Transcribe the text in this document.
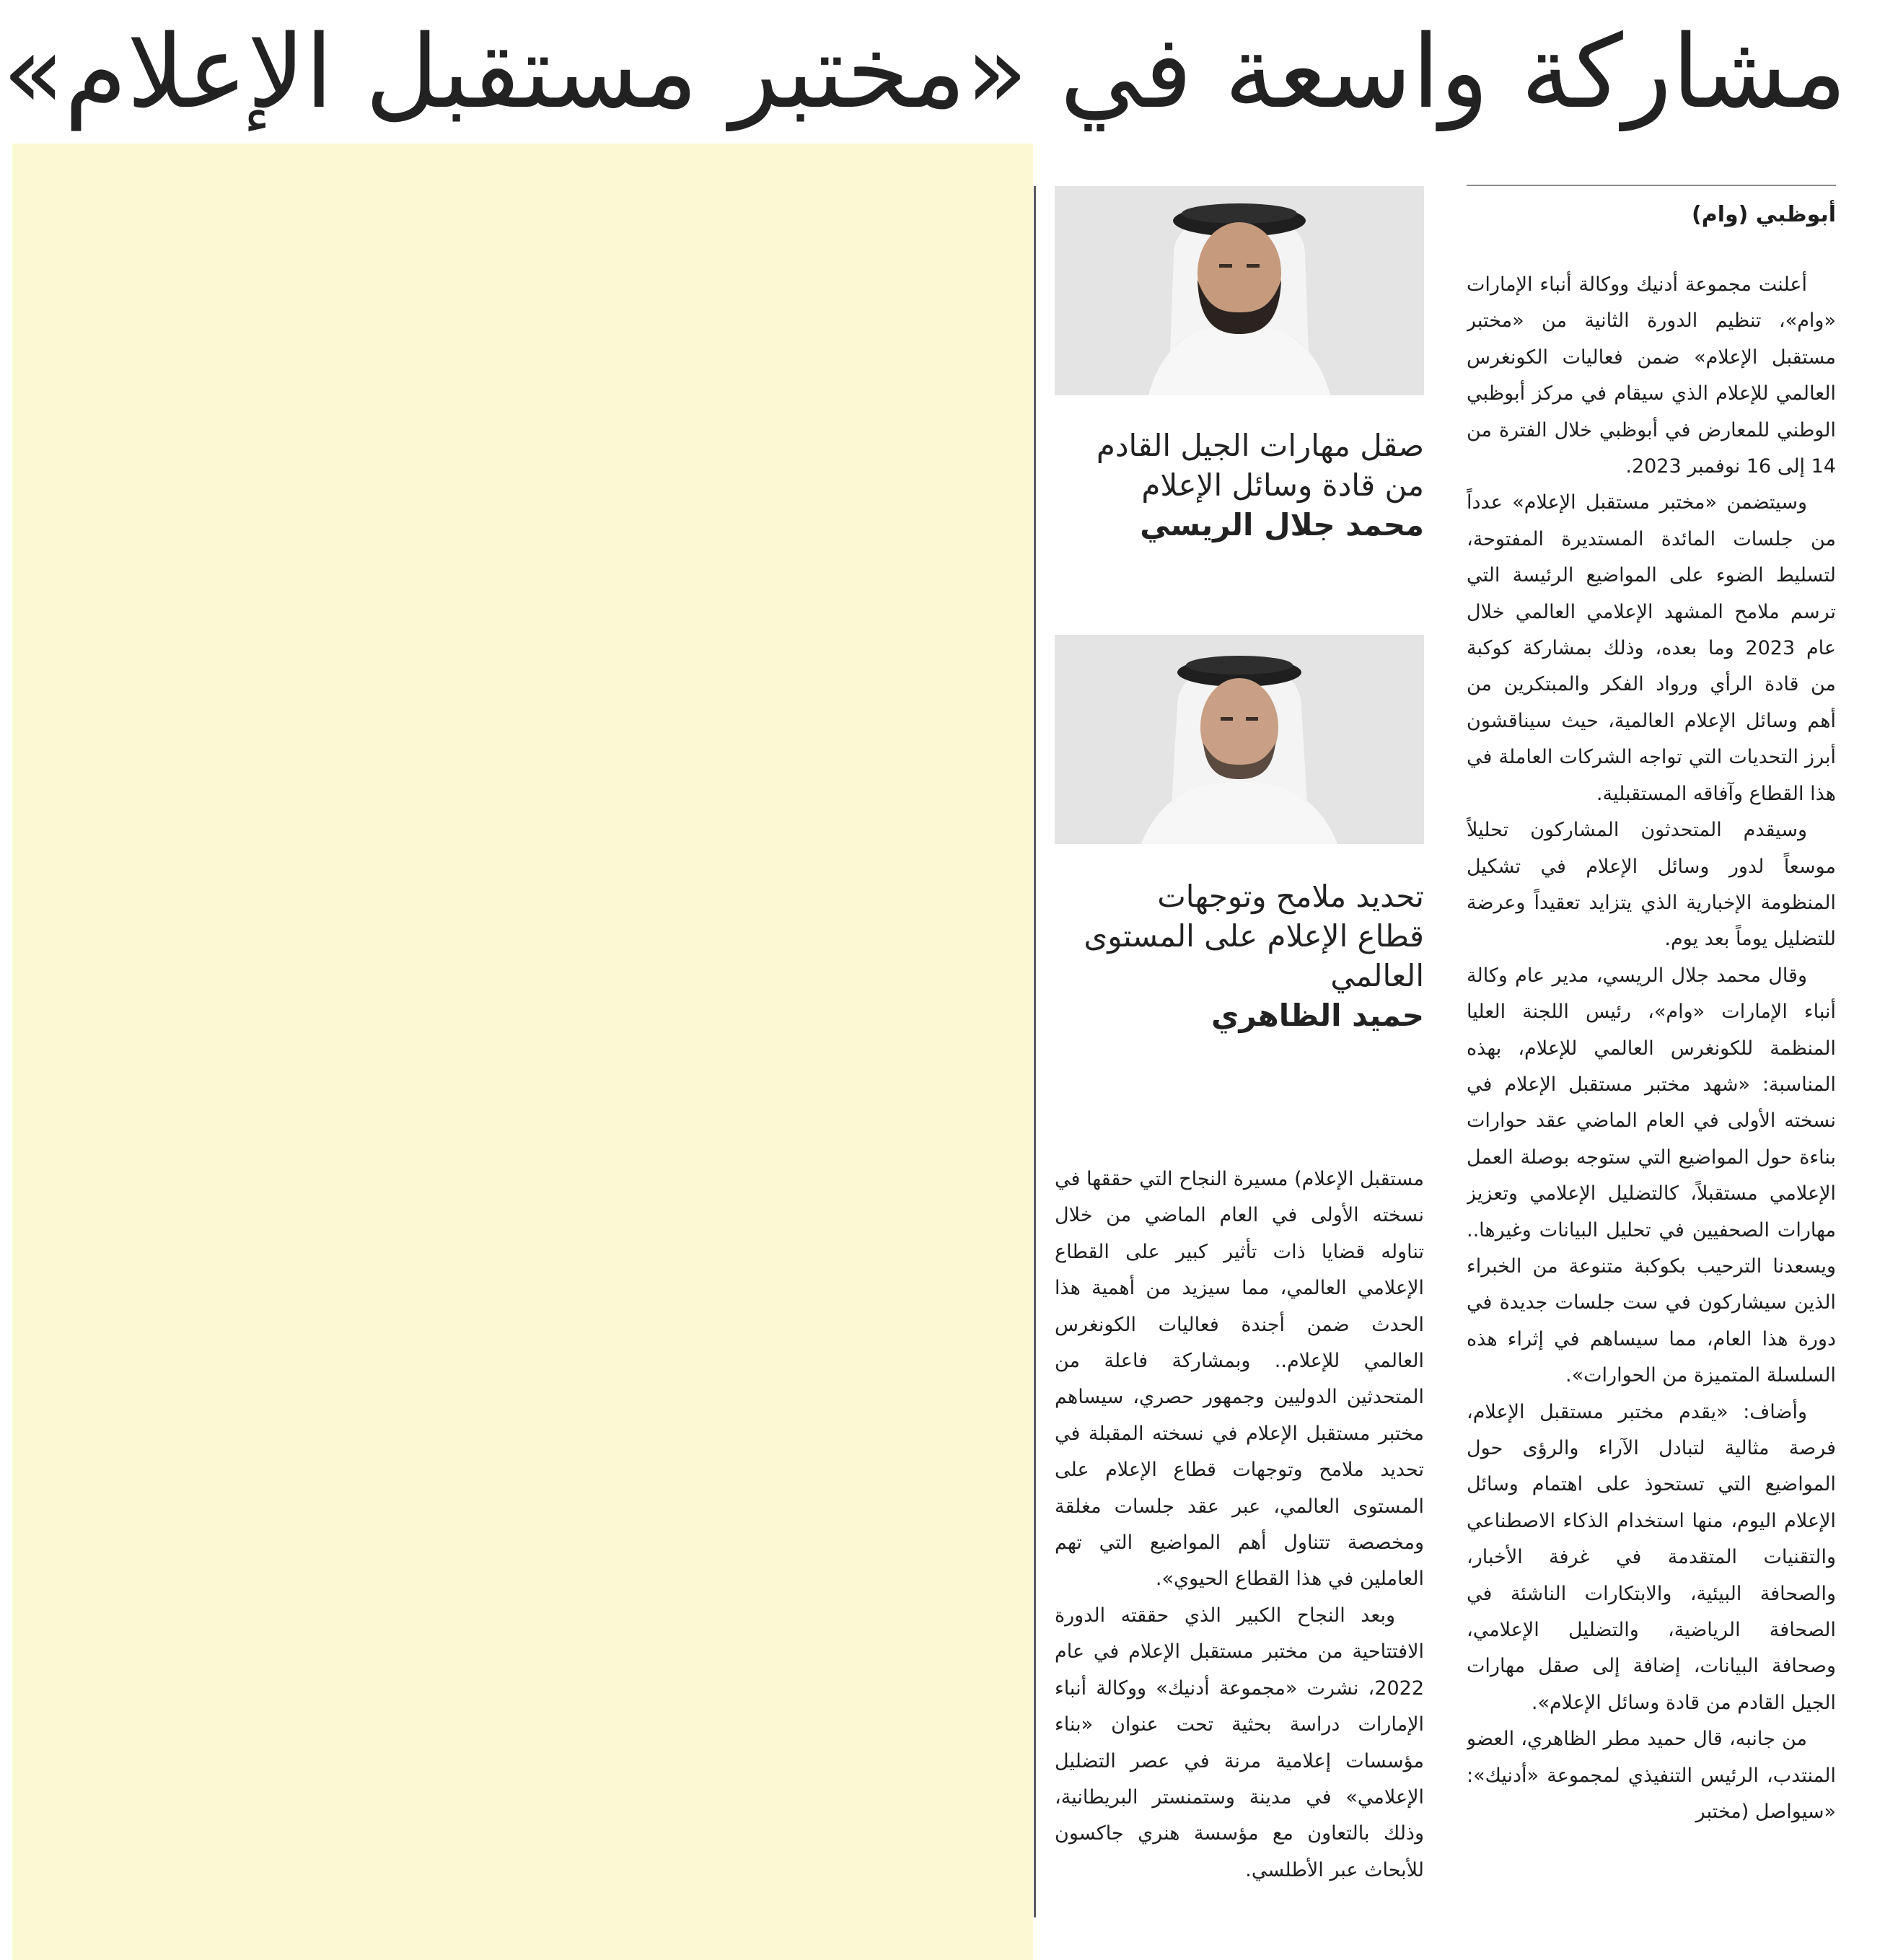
مشاركة واسعة في «مختبر مستقبل الإعلام»
أبوظبي (وام)

أعلنت مجموعة أدنيك ووكالة أنباء الإمارات «وام»، تنظيم الدورة الثانية من «مختبر مستقبل الإعلام» ضمن فعاليات الكونغرس العالمي للإعلام الذي سيقام في مركز أبوظبي الوطني للمعارض في أبوظبي خلال الفترة من 14 إلى 16 نوفمبر 2023.

وسيتضمن «مختبر مستقبل الإعلام» عدداً من جلسات المائدة المستديرة المفتوحة، لتسليط الضوء على المواضيع الرئيسة التي ترسم ملامح المشهد الإعلامي العالمي خلال عام 2023 وما بعده، وذلك بمشاركة كوكبة من قادة الرأي ورواد الفكر والمبتكرين من أهم وسائل الإعلام العالمية، حيث سيناقشون أبرز التحديات التي تواجه الشركات العاملة في هذا القطاع وآفاقه المستقبلية.

وسيقدم المتحدثون المشاركون تحليلاً موسعاً لدور وسائل الإعلام في تشكيل المنظومة الإخبارية الذي يتزايد تعقيداً وعرضة للتضليل يوماً بعد يوم.

وقال محمد جلال الريسي، مدير عام وكالة أنباء الإمارات «وام»، رئيس اللجنة العليا المنظمة للكونغرس العالمي للإعلام، بهذه المناسبة: «شهد مختبر مستقبل الإعلام في نسخته الأولى في العام الماضي عقد حوارات بناءة حول المواضيع التي ستوجه بوصلة العمل الإعلامي مستقبلاً، كالتضليل الإعلامي وتعزيز مهارات الصحفيين في تحليل البيانات وغيرها.. ويسعدنا الترحيب بكوكبة متنوعة من الخبراء الذين سيشاركون في ست جلسات جديدة في دورة هذا العام، مما سيساهم في إثراء هذه السلسلة المتميزة من الحوارات».

وأضاف: «يقدم مختبر مستقبل الإعلام، فرصة مثالية لتبادل الآراء والرؤى حول المواضيع التي تستحوذ على اهتمام وسائل الإعلام اليوم، منها استخدام الذكاء الاصطناعي والتقنيات المتقدمة في غرفة الأخبار، والصحافة البيئية، والابتكارات الناشئة في الصحافة الرياضية، والتضليل الإعلامي، وصحافة البيانات، إضافة إلى صقل مهارات الجيل القادم من قادة وسائل الإعلام».

من جانبه، قال حميد مطر الظاهري، العضو المنتدب، الرئيس التنفيذي لمجموعة «أدنيك»: «سيواصل (مختبر

صقل مهارات الجيل القادم
من قادة وسائل الإعلام
محمد جلال الريسي
تحديد ملامح وتوجهات
قطاع الإعلام على المستوى
العالمي
حميد الظاهري

مستقبل الإعلام) مسيرة النجاح التي حققها في نسخته الأولى في العام الماضي من خلال تناوله قضايا ذات تأثير كبير على القطاع الإعلامي العالمي، مما سيزيد من أهمية هذا الحدث ضمن أجندة فعاليات الكونغرس العالمي للإعلام.. وبمشاركة فاعلة من المتحدثين الدوليين وجمهور حصري، سيساهم مختبر مستقبل الإعلام في نسخته المقبلة في تحديد ملامح وتوجهات قطاع الإعلام على المستوى العالمي، عبر عقد جلسات مغلقة ومخصصة تتناول أهم المواضيع التي تهم العاملين في هذا القطاع الحيوي».

وبعد النجاح الكبير الذي حققته الدورة الافتتاحية من مختبر مستقبل الإعلام في عام 2022، نشرت «مجموعة أدنيك» ووكالة أنباء الإمارات دراسة بحثية تحت عنوان «بناء مؤسسات إعلامية مرنة في عصر التضليل الإعلامي» في مدينة وستمنستر البريطانية، وذلك بالتعاون مع مؤسسة هنري جاكسون للأبحاث عبر الأطلسي.
